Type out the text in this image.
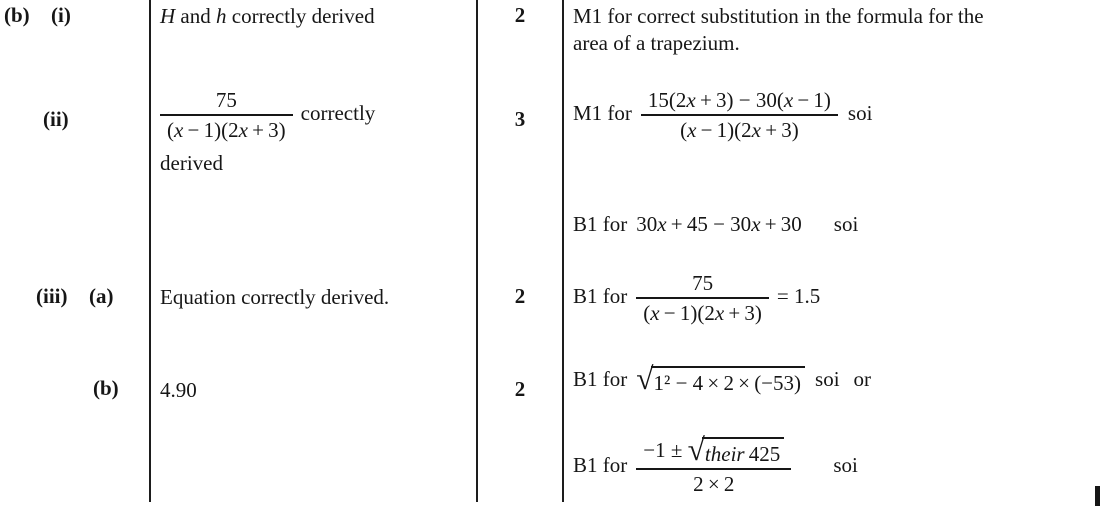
(b) (i)
(ii)
(iii) (a)
(b)
H and h correctly derived
$\frac{75}{(x - 1)(2x + 3)}$ correctly
derived
Equation correctly derived.
4.90
2
3
2
2
M1 for correct substitution in the formula for the
area of a trapezium.
M1 for $\frac{15(2x + 3) - 30(x - 1)}{(x - 1)(2x + 3)}$ soi
B1 for 30x + 45 − 30x + 30 soi
B1 for $\frac{75}{(x - 1)(2x + 3)} = 1.5$
B1 for √ 1² − 4 × 2 × (−53) soi or
B1 for $\frac{\text{−1 ± √ their 425}}{2 \times 2}$ soi
